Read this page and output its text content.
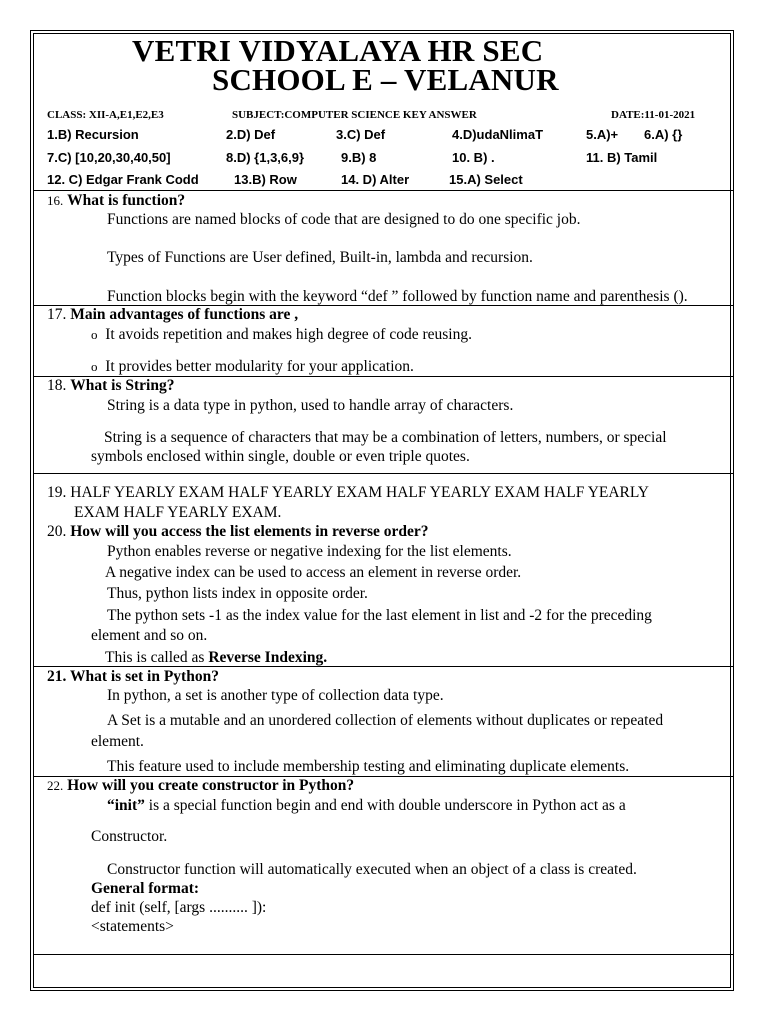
VETRI VIDYALAYA HR SEC
SCHOOL E – VELANUR
CLASS: XII-A,E1,E2,E3	SUBJECT:COMPUTER SCIENCE KEY ANSWER	DATE:11-01-2021
1.B) Recursion	2.D) Def	3.C) Def	4.D)udaNlimaT	5.A)+ 6.A) {}
7.C) [10,20,30,40,50]	8.D) {1,3,6,9}	9.B) 8	10. B) .	11. B) Tamil
12. C) Edgar Frank Codd	13.B) Row	14. D) Alter	15.A) Select
16. What is function?
Functions are named blocks of code that are designed to do one specific job.
Types of Functions are User defined, Built-in, lambda and recursion.
Function blocks begin with the keyword “def ” followed by function name and parenthesis ().
17. Main advantages of functions are ,
o It avoids repetition and makes high degree of code reusing.
o It provides better modularity for your application.
18. What is String?
String is a data type in python, used to handle array of characters.
String is a sequence of characters that may be a combination of letters, numbers, or special
symbols enclosed within single, double or even triple quotes.
19. HALF YEARLY EXAM HALF YEARLY EXAM HALF YEARLY EXAM HALF YEARLY
EXAM HALF YEARLY EXAM.
20. How will you access the list elements in reverse order?
Python enables reverse or negative indexing for the list elements.
A negative index can be used to access an element in reverse order.
Thus, python lists index in opposite order.
The python sets -1 as the index value for the last element in list and -2 for the preceding
element and so on.
This is called as Reverse Indexing.
21. What is set in Python?
In python, a set is another type of collection data type.
A Set is a mutable and an unordered collection of elements without duplicates or repeated
element.
This feature used to include membership testing and eliminating duplicate elements.
22. How will you create constructor in Python?
“init” is a special function begin and end with double underscore in Python act as a
Constructor.
Constructor function will automatically executed when an object of a class is created.
General format:
def init (self, [args .......... ]):
<statements>
